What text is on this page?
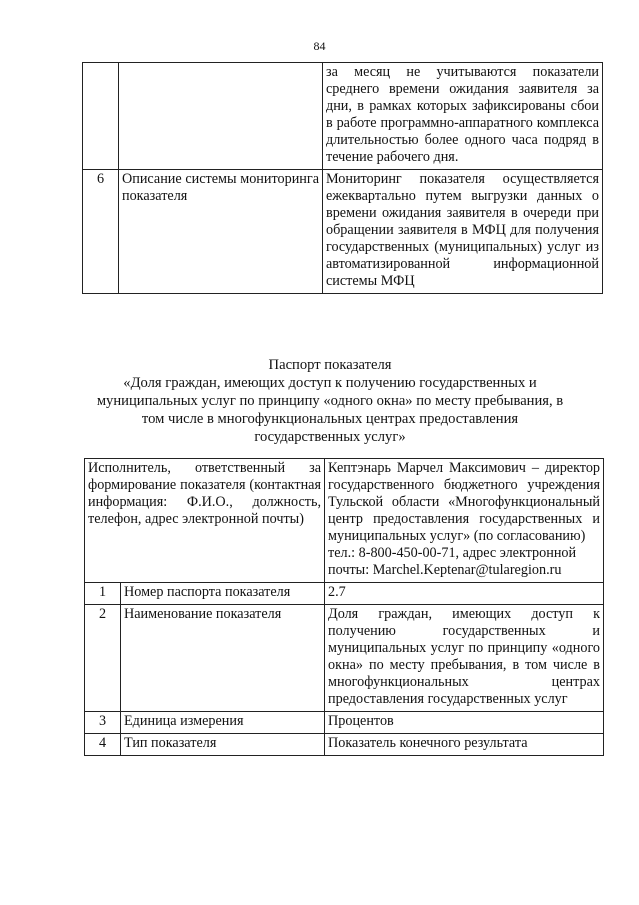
84
		за месяц не учитываются показатели среднего времени ожидания заявителя за дни, в рамках которых зафиксированы сбои в работе программно-аппаратного комплекса длительностью более одного часа подряд в течение рабочего дня.
6	Описание системы мониторинга показателя	Мониторинг показателя осуществляется ежеквартально путем выгрузки данных о времени ожидания заявителя в очереди при обращении заявителя в МФЦ для получения государственных (муниципальных) услуг из автоматизированной информационной системы МФЦ
Паспорт показателя
«Доля граждан, имеющих доступ к получению государственных и
муниципальных услуг по принципу «одного окна» по месту пребывания, в
том числе в многофункциональных центрах предоставления
государственных услуг»
Исполнитель, ответственный за формирование показателя (контактная информация: Ф.И.О., должность, телефон, адрес электронной почты)		Кептэнарь Марчел Максимович – директор государственного бюджетного учреждения Тульской области «Многофункциональный центр предоставления государственных и муниципальных услуг» (по согласованию)
тел.: 8-800-450-00-71, адрес электронной почты: Marchel.Keptenar@tularegion.ru

1	Номер паспорта показателя	2.7
2	Наименование показателя	Доля граждан, имеющих доступ к получению государственных и муниципальных услуг по принципу «одного окна» по месту пребывания, в том числе в многофункциональных центрах предоставления государственных услуг
3	Единица измерения	Процентов
4	Тип показателя	Показатель конечного результата
